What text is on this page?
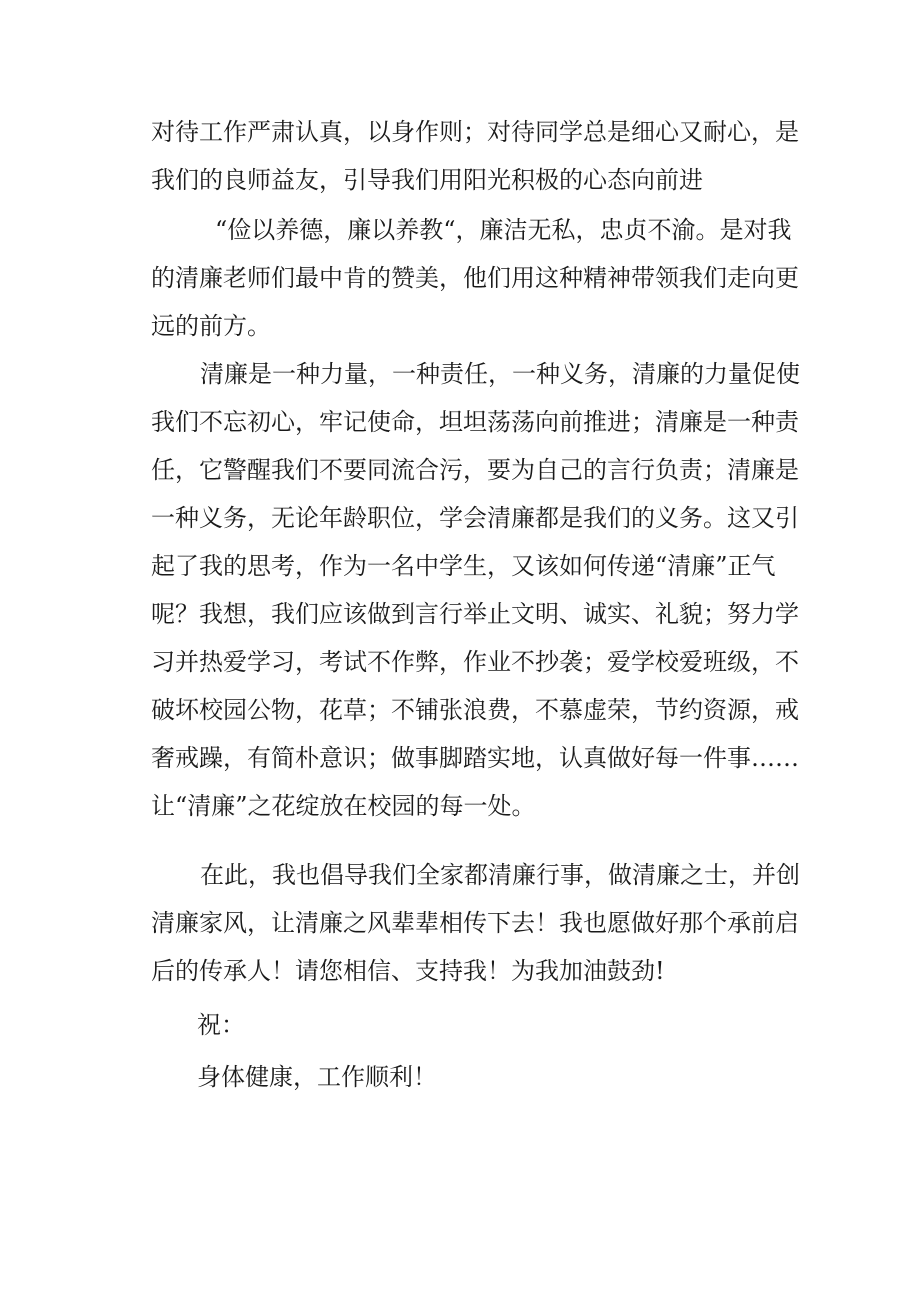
对待工作严肃认真，以身作则；对待同学总是细心又耐心，是
我们的良师益友，引导我们用阳光积极的心态向前进
“俭以养德，廉以养教“，廉洁无私，忠贞不渝。是对我
的清廉老师们最中肯的赞美，他们用这种精神带领我们走向更
远的前方。
清廉是一种力量，一种责任，一种义务，清廉的力量促使
我们不忘初心，牢记使命，坦坦荡荡向前推进；清廉是一种责
任，它警醒我们不要同流合污，要为自己的言行负责；清廉是
一种义务，无论年龄职位，学会清廉都是我们的义务。这又引
起了我的思考，作为一名中学生，又该如何传递“清廉”正气
呢？我想，我们应该做到言行举止文明、诚实、礼貌；努力学
习并热爱学习，考试不作弊，作业不抄袭；爱学校爱班级，不
破坏校园公物，花草；不铺张浪费，不慕虚荣，节约资源，戒
奢戒躁，有简朴意识；做事脚踏实地，认真做好每一件事……
让“清廉”之花绽放在校园的每一处。
在此，我也倡导我们全家都清廉行事，做清廉之士，并创
清廉家风，让清廉之风辈辈相传下去！我也愿做好那个承前启
后的传承人！请您相信、支持我！为我加油鼓劲!
祝：
身体健康，工作顺利！
